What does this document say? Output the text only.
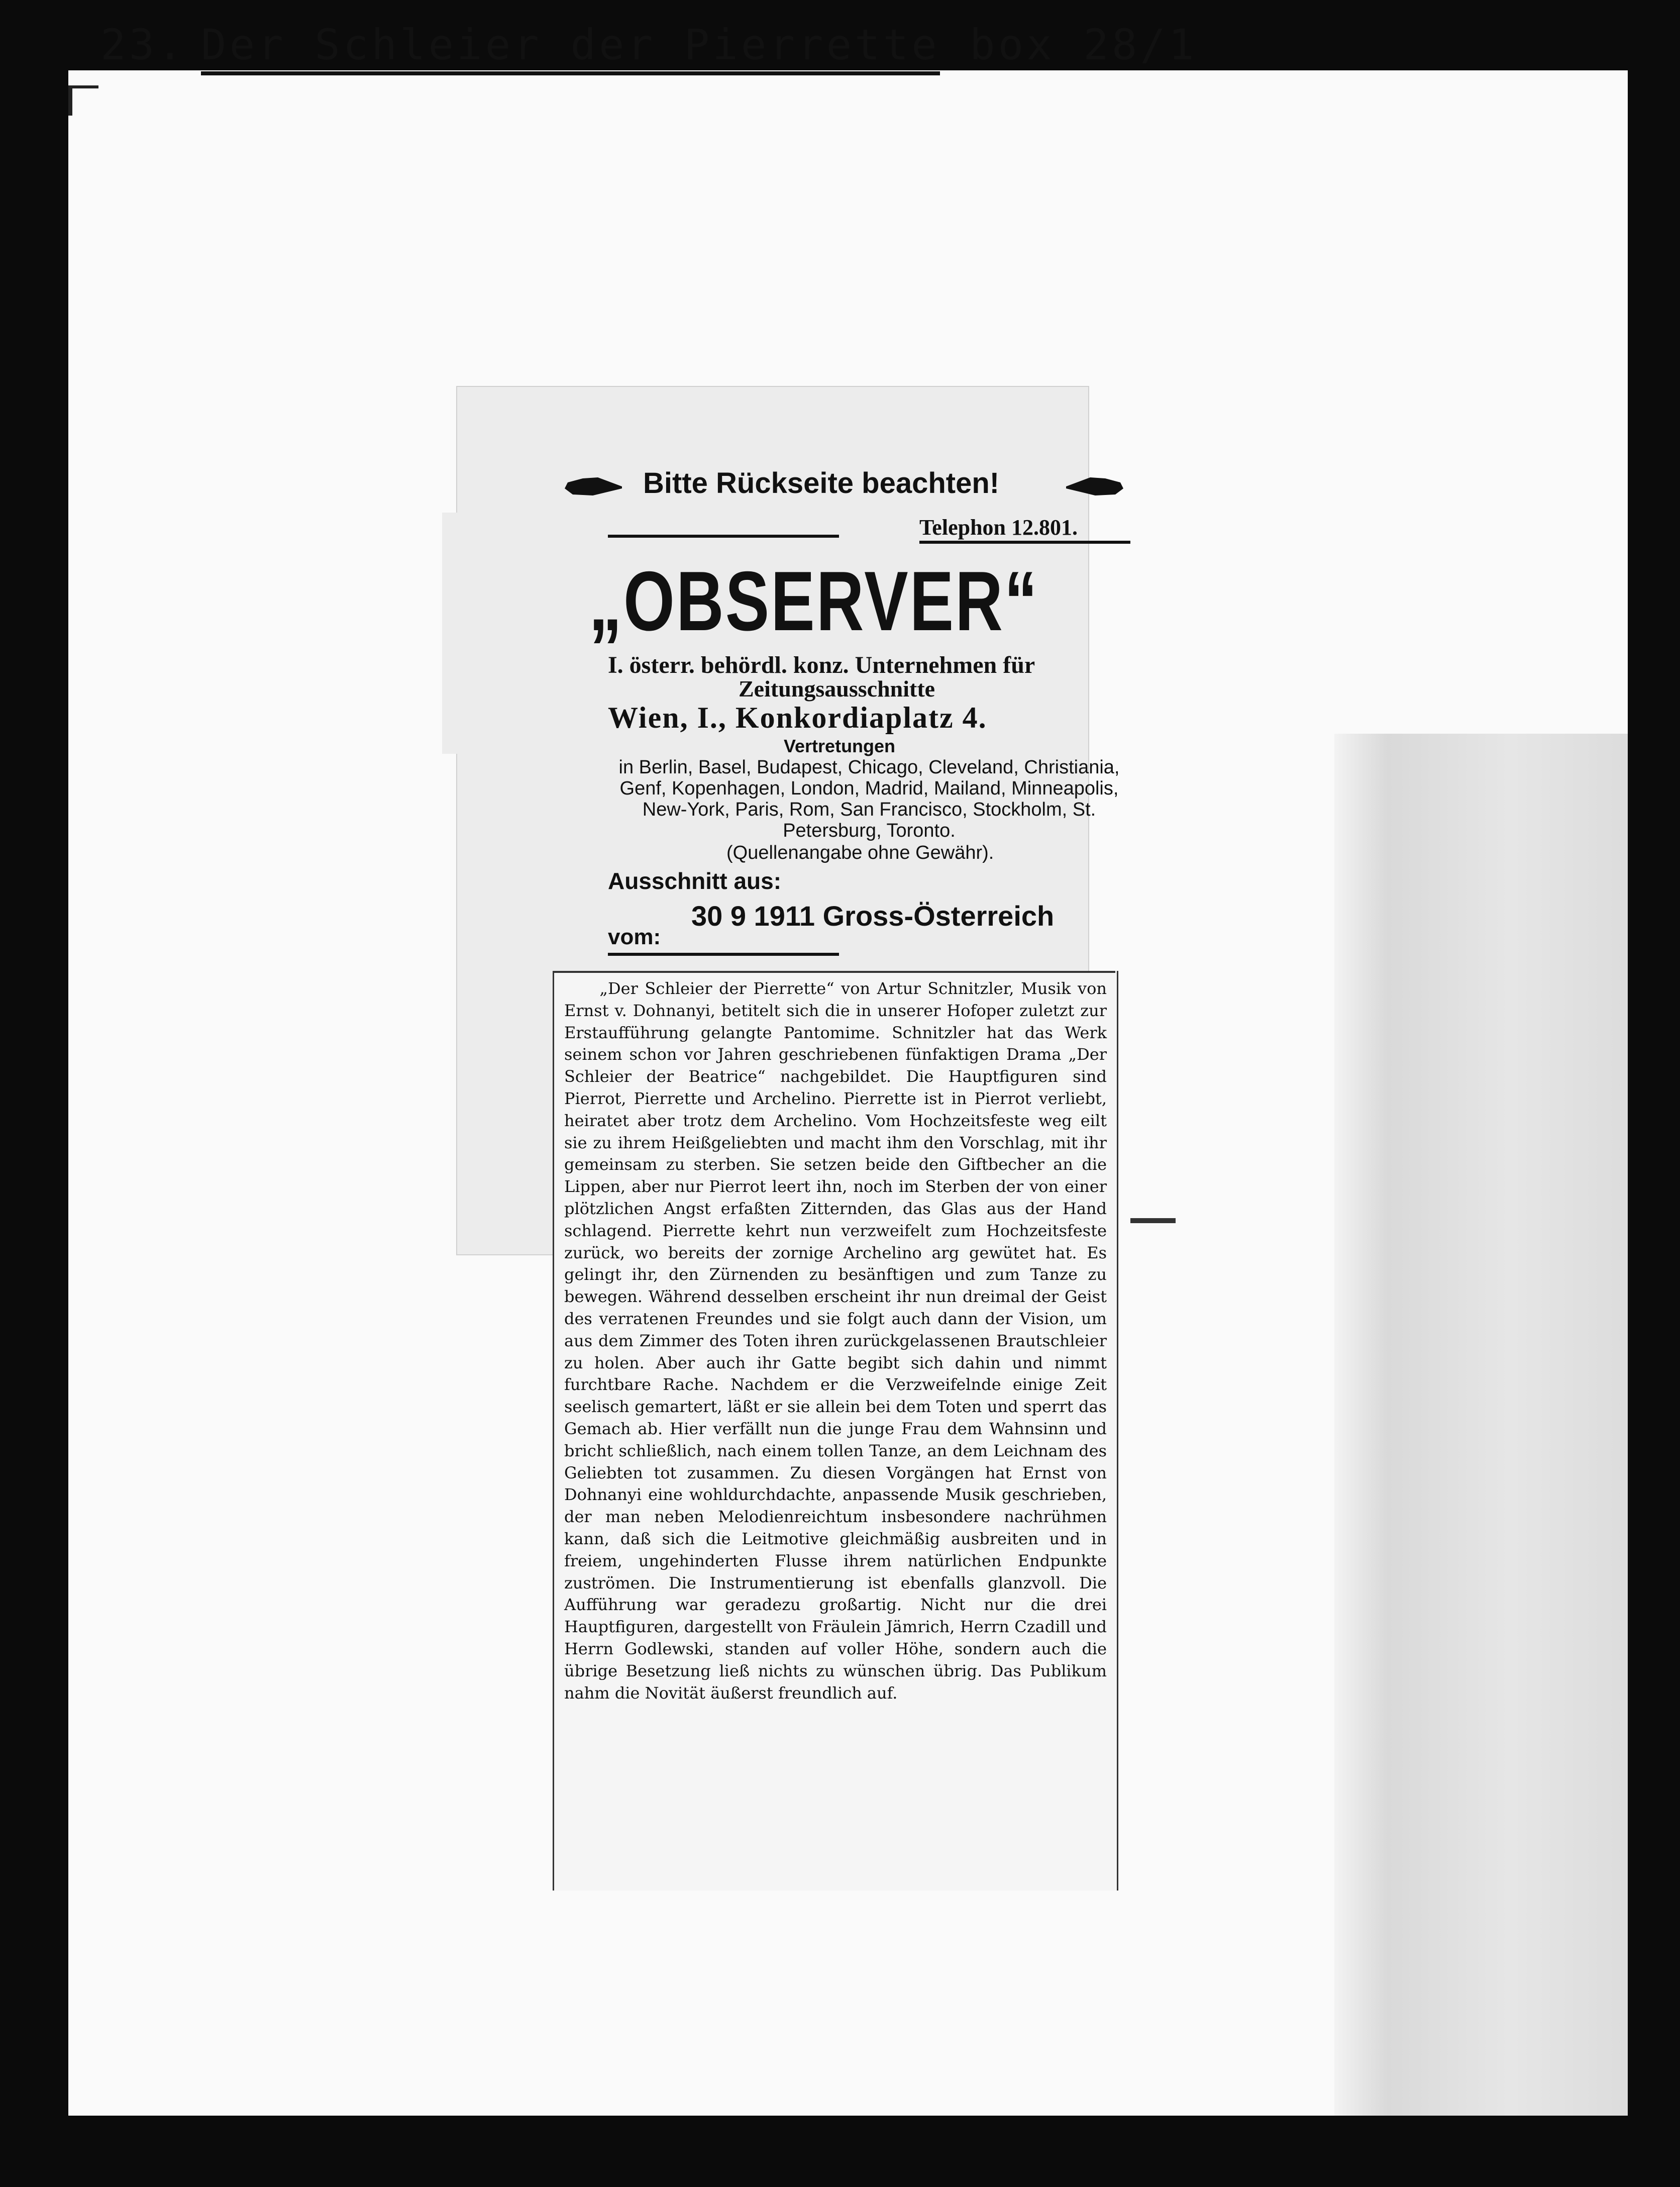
23. Der Schleier der Pierrette box 28/1
Bitte Rückseite beachten!
Telephon 12.801.
„OBSERVER“
I. österr. behördl. konz. Unternehmen für
Zeitungsausschnitte
Wien, I., Konkordiaplatz 4.
Vertretungen
in Berlin, Basel, Budapest, Chicago, Cleveland, Christiania, Genf, Kopenhagen, London, Madrid, Mailand, Minneapolis, New-York, Paris, Rom, San Francisco, Stockholm, St. Petersburg, Toronto.
(Quellenangabe ohne Gewähr).
Ausschnitt aus:
30 9 1911 Gross-Österreich
vom:

„Der Schleier der Pierrette“ von Artur Schnitzler, Musik von Ernst v. Dohnanyi, betitelt sich die in unserer Hofoper zuletzt zur Erstaufführung gelangte Pantomime. Schnitzler hat das Werk seinem schon vor Jahren geschriebenen fünfaktigen Drama „Der Schleier der Beatrice“ nachgebildet. Die Hauptfiguren sind Pierrot, Pierrette und Archelino. Pierrette ist in Pierrot verliebt, heiratet aber trotz dem Archelino. Vom Hochzeitsfeste weg eilt sie zu ihrem Heißgeliebten und macht ihm den Vorschlag, mit ihr gemeinsam zu sterben. Sie setzen beide den Giftbecher an die Lippen, aber nur Pierrot leert ihn, noch im Sterben der von einer plötzlichen Angst erfaßten Zitternden, das Glas aus der Hand schlagend. Pierrette kehrt nun verzweifelt zum Hochzeitsfeste zurück, wo bereits der zornige Archelino arg gewütet hat. Es gelingt ihr, den Zürnenden zu besänftigen und zum Tanze zu bewegen. Während desselben erscheint ihr nun dreimal der Geist des verratenen Freundes und sie folgt auch dann der Vision, um aus dem Zimmer des Toten ihren zurückgelassenen Brautschleier zu holen. Aber auch ihr Gatte begibt sich dahin und nimmt furchtbare Rache. Nachdem er die Verzweifelnde einige Zeit seelisch gemartert, läßt er sie allein bei dem Toten und sperrt das Gemach ab. Hier verfällt nun die junge Frau dem Wahnsinn und bricht schließlich, nach einem tollen Tanze, an dem Leichnam des Geliebten tot zusammen. Zu diesen Vorgängen hat Ernst von Dohnanyi eine wohldurchdachte, anpassende Musik geschrieben, der man neben Melodienreichtum insbesondere nachrühmen kann, daß sich die Leitmotive gleichmäßig ausbreiten und in freiem, ungehinderten Flusse ihrem natürlichen Endpunkte zuströmen. Die Instrumentierung ist ebenfalls glanzvoll. Die Aufführung war geradezu großartig. Nicht nur die drei Hauptfiguren, dargestellt von Fräulein Jämrich, Herrn Czadill und Herrn Godlewski, standen auf voller Höhe, sondern auch die übrige Besetzung ließ nichts zu wünschen übrig. Das Publikum nahm die Novität äußerst freundlich auf.
